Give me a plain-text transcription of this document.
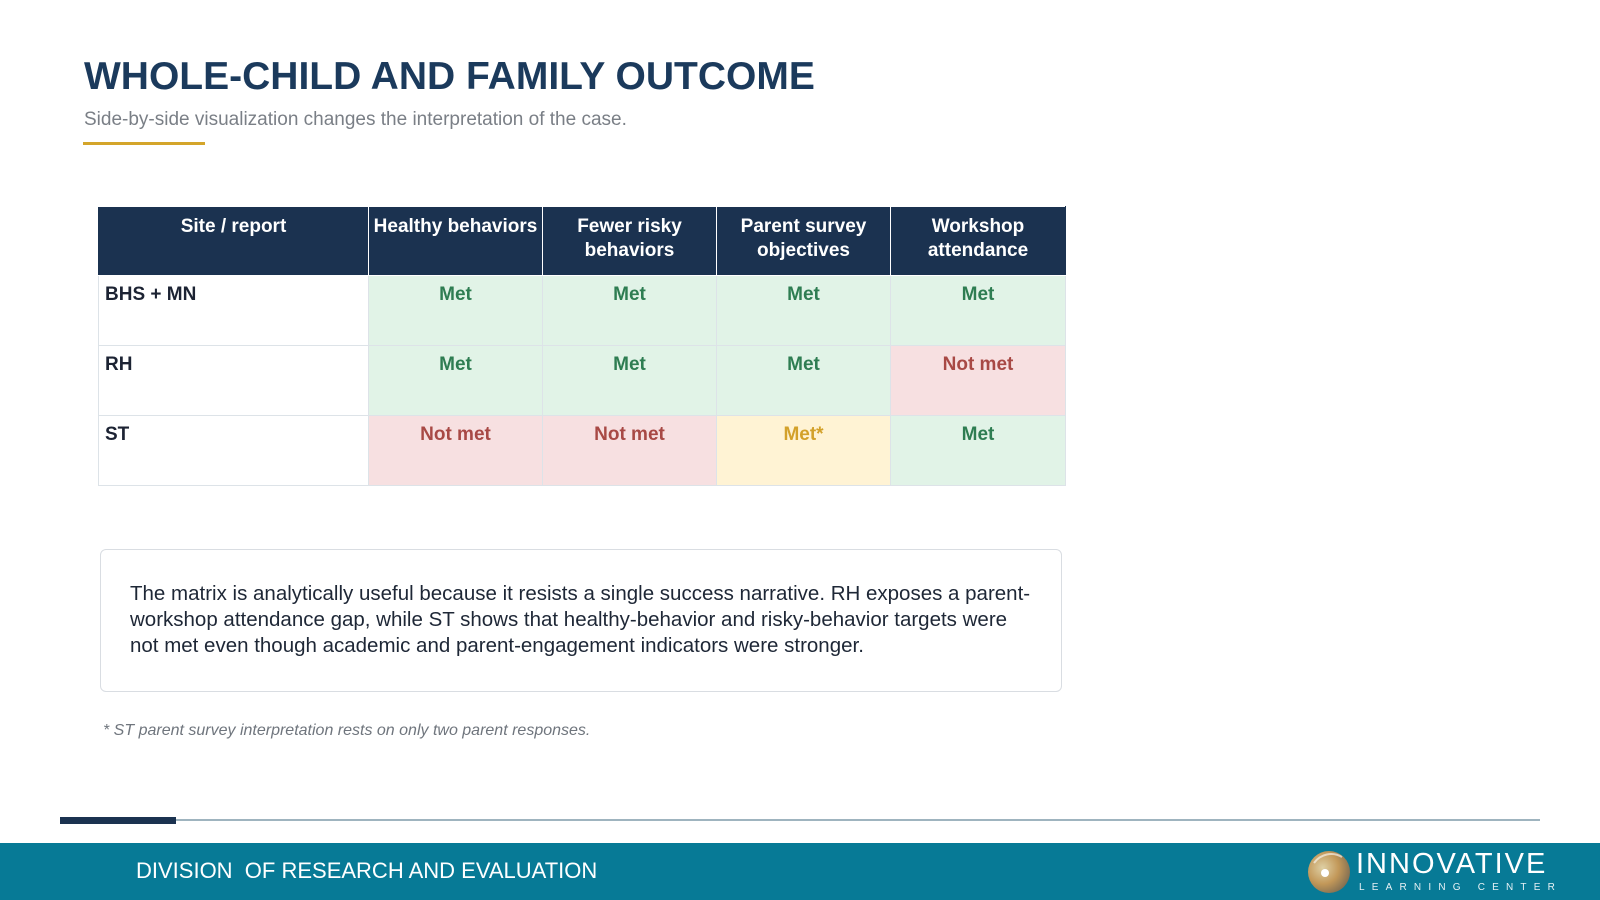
WHOLE-CHILD AND FAMILY OUTCOME
Side-by-side visualization changes the interpretation of the case.
Site / report	Healthy behaviors	Fewer risky behaviors	Parent survey objectives	Workshop attendance
BHS + MN	Met	Met	Met	Met
RH	Met	Met	Met	Not met
ST	Not met	Not met	Met*	Met

The matrix is analytically useful because it resists a single success narrative. RH exposes a parent-workshop attendance gap, while ST shows that healthy-behavior and risky-behavior targets were not met even though academic and parent-engagement indicators were stronger.

* ST parent survey interpretation rests on only two parent responses.
DIVISION  OF RESEARCH AND EVALUATION	INNOVATIVE
LEARNING CENTER
